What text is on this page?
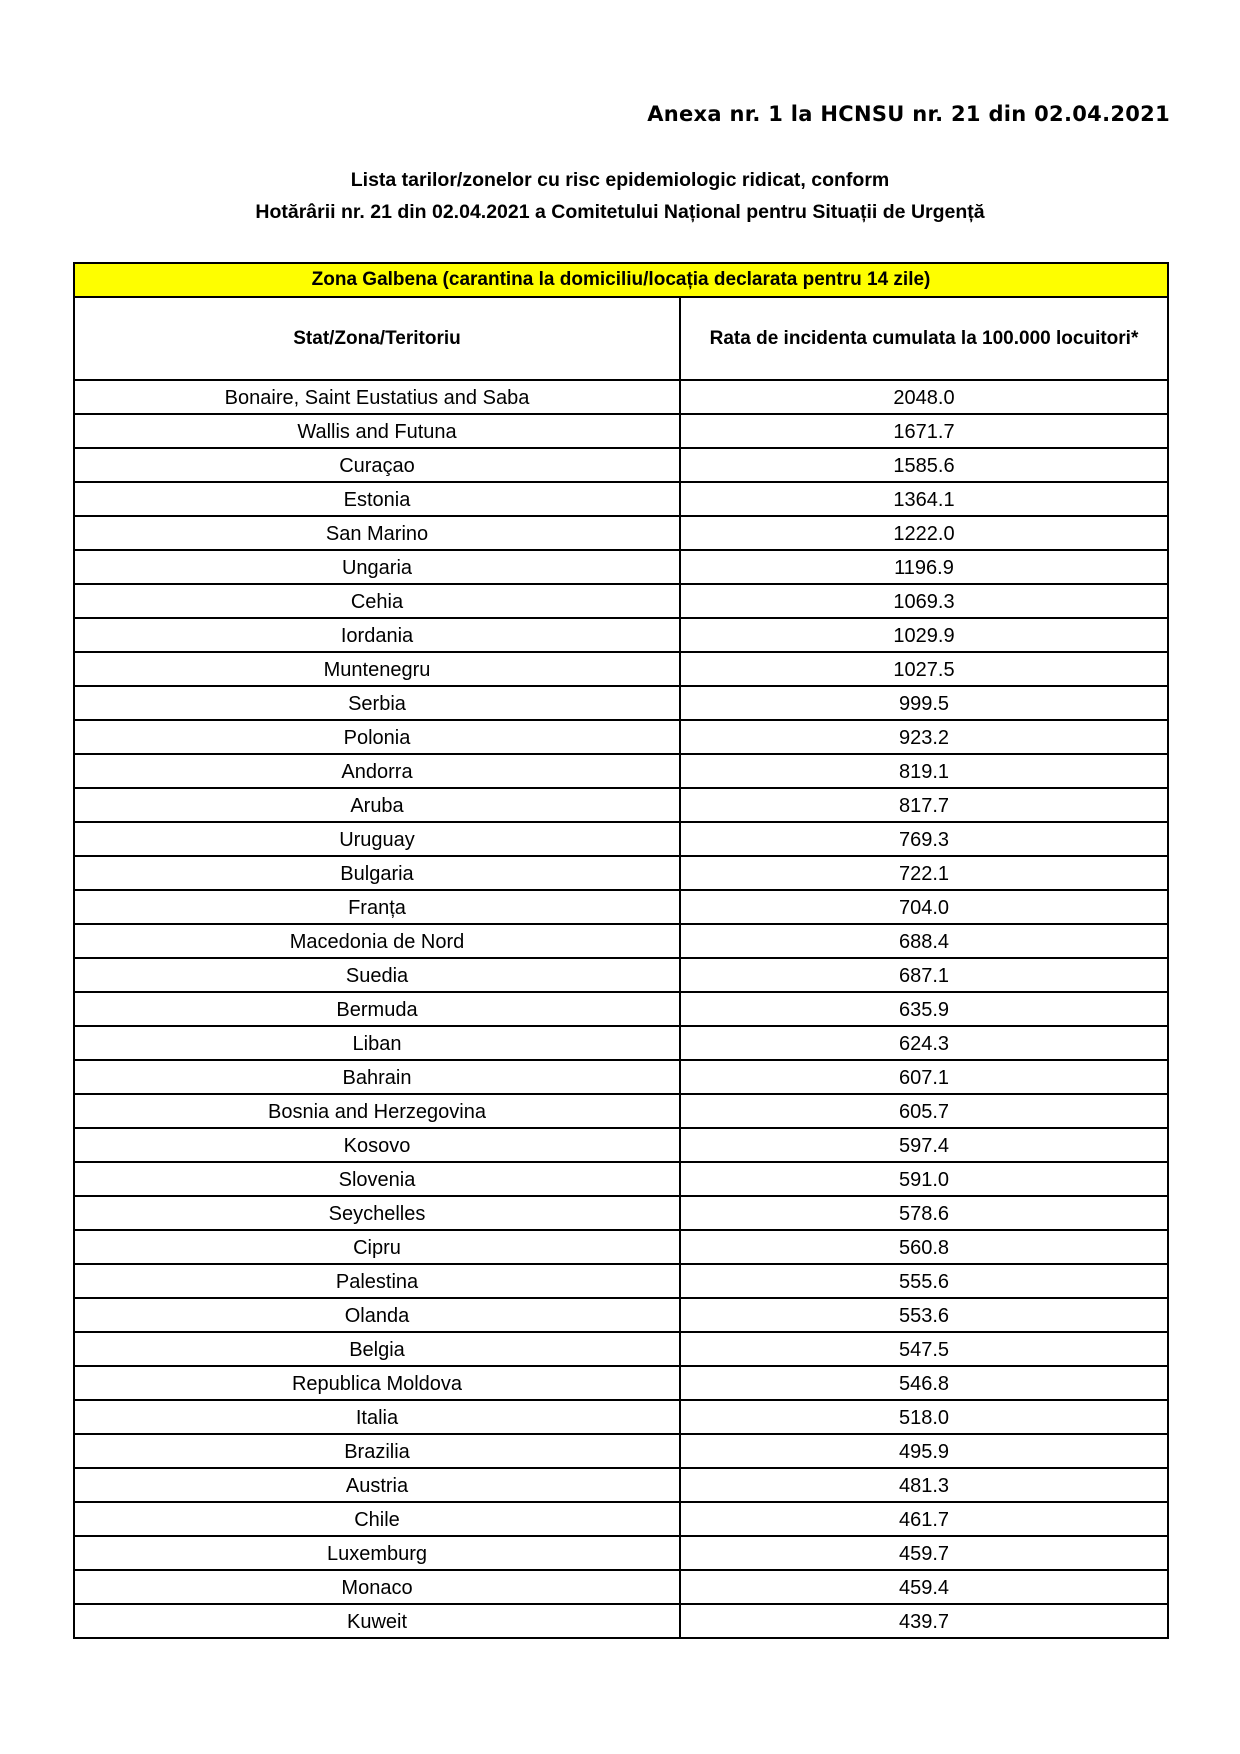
Anexa nr. 1 la HCNSU nr. 21 din 02.04.2021

Lista tarilor/zonelor cu risc epidemiologic ridicat, conform
Hotărârii nr. 21 din 02.04.2021 a Comitetului Național pentru Situații de Urgență
Zona Galbena (carantina la domiciliu/locația declarata pentru 14 zile)	
Stat/Zona/Teritoriu	Rata de incidenta cumulata la 100.000 locuitori*
Bonaire, Saint Eustatius and Saba	2048.0
Wallis and Futuna	1671.7
Curaçao	1585.6
Estonia	1364.1
San Marino	1222.0
Ungaria	1196.9
Cehia	1069.3
Iordania	1029.9
Muntenegru	1027.5
Serbia	999.5
Polonia	923.2
Andorra	819.1
Aruba	817.7
Uruguay	769.3
Bulgaria	722.1
Franța	704.0
Macedonia de Nord	688.4
Suedia	687.1
Bermuda	635.9
Liban	624.3
Bahrain	607.1
Bosnia and Herzegovina	605.7
Kosovo	597.4
Slovenia	591.0
Seychelles	578.6
Cipru	560.8
Palestina	555.6
Olanda	553.6
Belgia	547.5
Republica Moldova	546.8
Italia	518.0
Brazilia	495.9
Austria	481.3
Chile	461.7
Luxemburg	459.7
Monaco	459.4
Kuweit	439.7
